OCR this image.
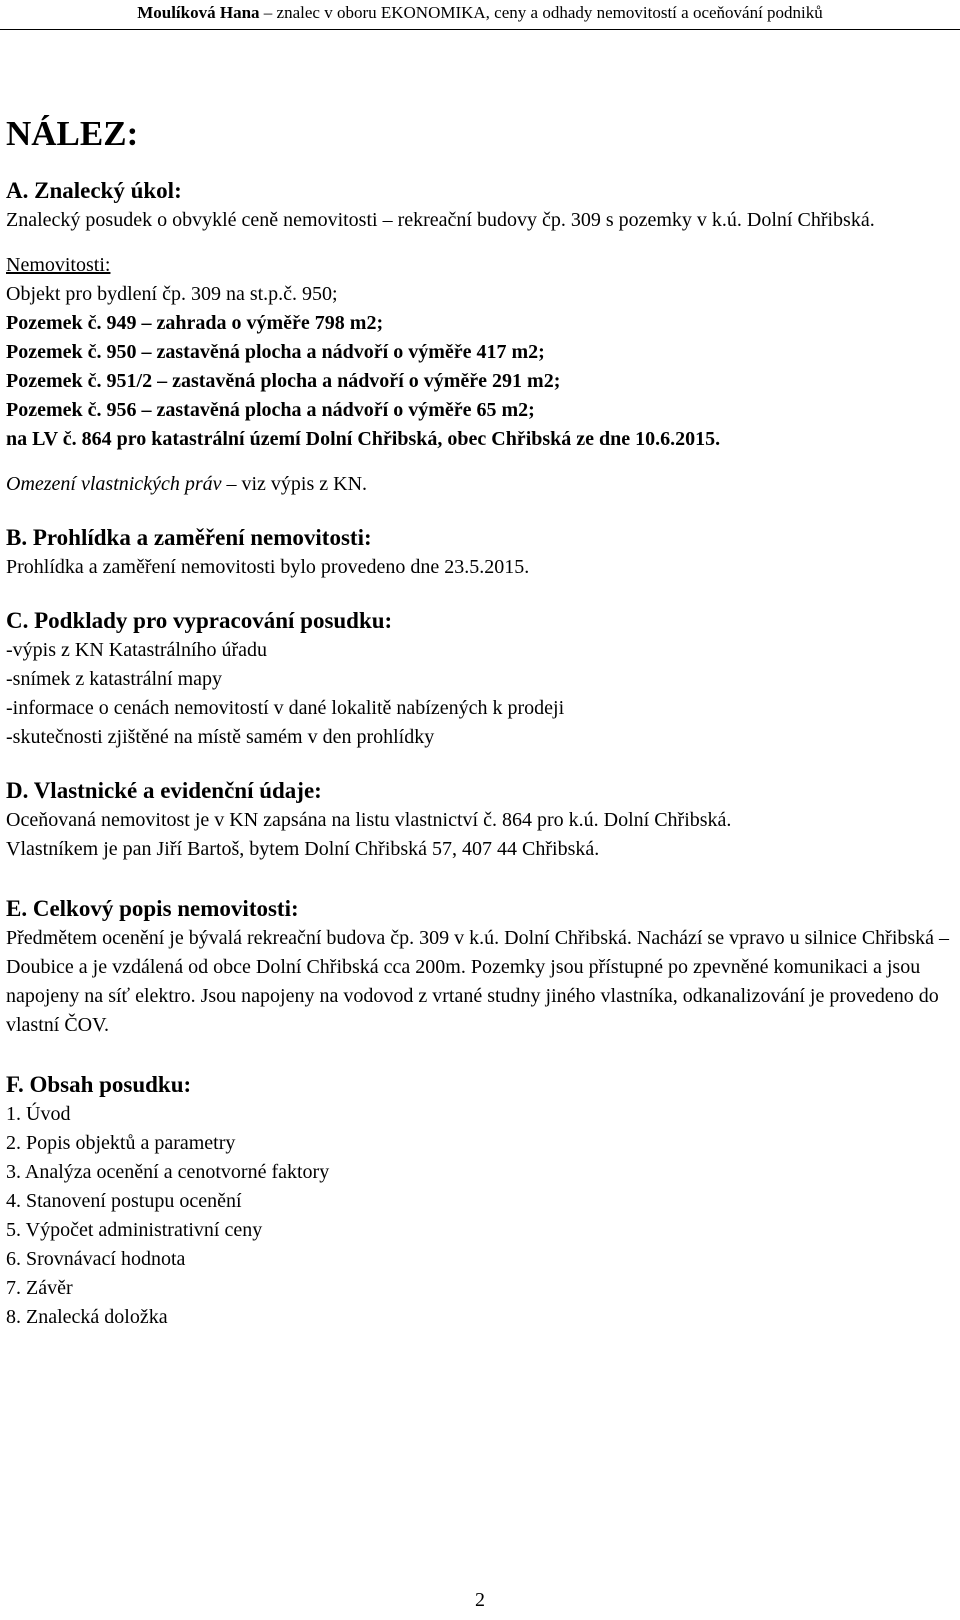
Moulíková Hana – znalec v oboru EKONOMIKA, ceny a odhady nemovitostí a oceňování podniků
NÁLEZ:
A. Znalecký úkol:
Znalecký posudek o obvyklé ceně nemovitosti – rekreační budovy čp. 309 s pozemky v k.ú. Dolní Chřibská.
Nemovitosti:
Objekt pro bydlení čp. 309 na st.p.č. 950;
Pozemek č. 949 – zahrada o výměře 798 m2;
Pozemek č. 950 – zastavěná plocha a nádvoří o výměře 417 m2;
Pozemek č. 951/2 – zastavěná plocha a nádvoří o výměře 291 m2;
Pozemek č. 956 – zastavěná plocha a nádvoří o výměře 65 m2;
na LV č. 864 pro katastrální území Dolní Chřibská, obec Chřibská ze dne 10.6.2015.
Omezení vlastnických práv – viz výpis z KN.
B. Prohlídka a zaměření nemovitosti:
Prohlídka a zaměření nemovitosti bylo provedeno dne 23.5.2015.
C. Podklady pro vypracování posudku:
-výpis z KN Katastrálního úřadu
-snímek z katastrální mapy
-informace o cenách nemovitostí v dané lokalitě nabízených k prodeji
-skutečnosti zjištěné na místě samém v den prohlídky
D. Vlastnické a evidenční údaje:
Oceňovaná nemovitost je v KN zapsána na listu vlastnictví č. 864 pro k.ú. Dolní Chřibská.
Vlastníkem je pan Jiří Bartoš, bytem Dolní Chřibská 57, 407 44 Chřibská.
E. Celkový popis nemovitosti:
Předmětem ocenění je bývalá rekreační budova čp. 309 v k.ú. Dolní Chřibská. Nachází se vpravo u silnice Chřibská – Doubice a je vzdálená od obce Dolní Chřibská cca 200m. Pozemky jsou přístupné po zpevněné komunikaci a jsou napojeny na síť elektro. Jsou napojeny na vodovod z vrtané studny jiného vlastníka, odkanalizování je provedeno do vlastní ČOV.
F. Obsah posudku:
1. Úvod
2. Popis objektů a parametry
3. Analýza ocenění a cenotvorné faktory
4. Stanovení postupu ocenění
5. Výpočet administrativní ceny
6. Srovnávací hodnota
7. Závěr
8. Znalecká doložka
2
